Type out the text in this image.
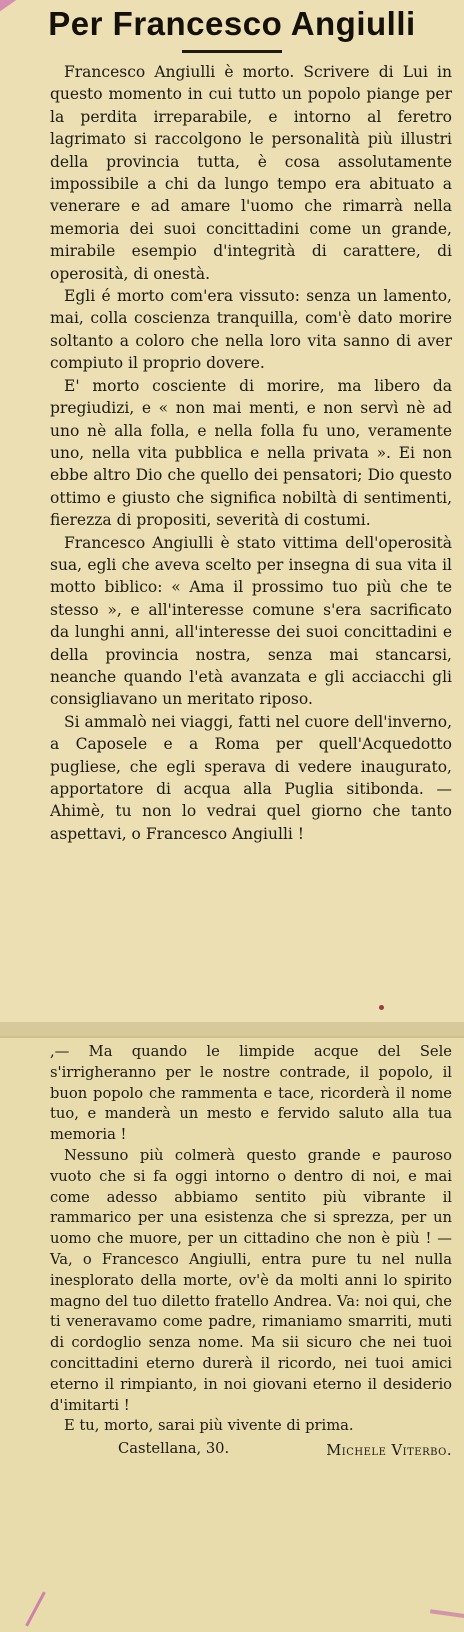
Per Francesco Angiulli

Francesco Angiulli è morto. Scrivere di Lui in questo momento in cui tutto un popolo piange per la perdita irreparabile, e intorno al feretro lagrimato si raccolgono le personalità più illustri della provincia tutta, è cosa assolutamente impossibile a chi da lungo tempo era abituato a venerare e ad amare l'uomo che rimarrà nella memoria dei suoi concittadini come un grande, mirabile esempio d'integrità di carattere, di operosità, di onestà.

Egli é morto com'era vissuto: senza un lamento, mai, colla coscienza tranquilla, com'è dato morire soltanto a coloro che nella loro vita sanno di aver compiuto il proprio dovere.

E' morto cosciente di morire, ma libero da pregiudizi, e « non mai menti, e non servì nè ad uno nè alla folla, e nella folla fu uno, veramente uno, nella vita pubblica e nella privata ». Ei non ebbe altro Dio che quello dei pensatori; Dio questo ottimo e giusto che significa nobiltà di sentimenti, fierezza di propositi, severità di costumi.

Francesco Angiulli è stato vittima dell'operosità sua, egli che aveva scelto per insegna di sua vita il motto biblico: « Ama il prossimo tuo più che te stesso », e all'interesse comune s'era sacrificato da lunghi anni, all'interesse dei suoi concittadini e della provincia nostra, senza mai stancarsi, neanche quando l'età avanzata e gli acciacchi gli consigliavano un meritato riposo.

Si ammalò nei viaggi, fatti nel cuore dell'inverno, a Caposele e a Roma per quell'Acquedotto pugliese, che egli sperava di vedere inaugurato, apportatore di acqua alla Puglia sitibonda. — Ahimè, tu non lo vedrai quel giorno che tanto aspettavi, o Francesco Angiulli !

,— Ma quando le limpide acque del Sele s'irrigheranno per le nostre contrade, il popolo, il buon popolo che rammenta e tace, ricorderà il nome tuo, e manderà un mesto e fervido saluto alla tua memoria !

Nessuno più colmerà questo grande e pauroso vuoto che si fa oggi intorno o dentro di noi, e mai come adesso abbiamo sentito più vibrante il rammarico per una esistenza che si sprezza, per un uomo che muore, per un cittadino che non è più ! — Va, o Francesco Angiulli, entra pure tu nel nulla inesplorato della morte, ov'è da molti anni lo spirito magno del tuo diletto fratello Andrea. Va: noi qui, che ti veneravamo come padre, rimaniamo smarriti, muti di cordoglio senza nome. Ma sii sicuro che nei tuoi concittadini eterno durerà il ricordo, nei tuoi amici eterno il rimpianto, in noi giovani eterno il desiderio d'imitarti !

E tu, morto, sarai più vivente di prima.

Castellana, 30.	Michele Viterbo.
